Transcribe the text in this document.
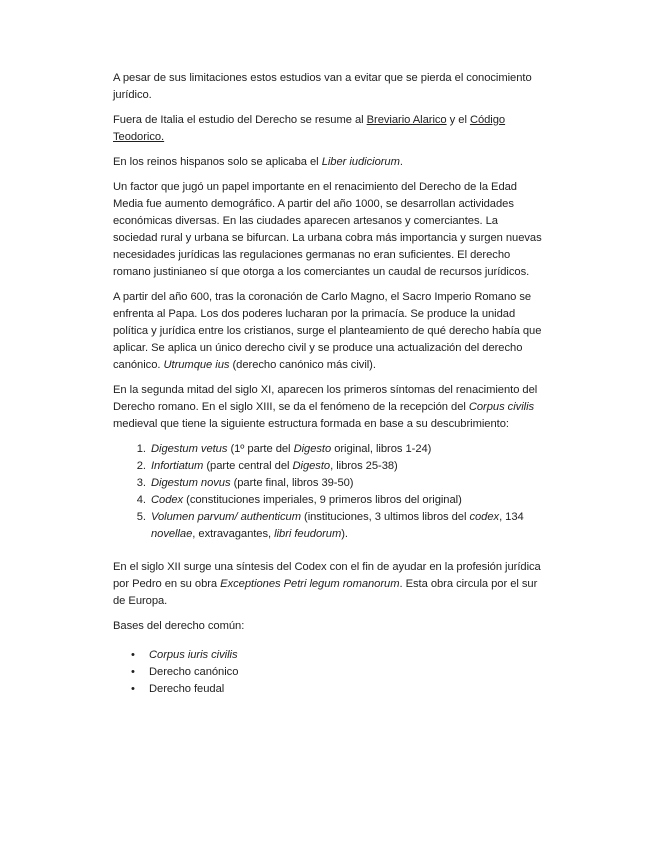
A pesar de sus limitaciones estos estudios van a evitar que se pierda el conocimiento jurídico.

Fuera de Italia el estudio del Derecho se resume al Breviario Alarico y el Código Teodorico.

En los reinos hispanos solo se aplicaba el Liber iudiciorum.

Un factor que jugó un papel importante en el renacimiento del Derecho de la Edad Media fue aumento demográfico. A partir del año 1000, se desarrollan actividades económicas diversas. En las ciudades aparecen artesanos y comerciantes. La sociedad rural y urbana se bifurcan. La urbana cobra más importancia y surgen nuevas necesidades jurídicas las regulaciones germanas no eran suficientes. El derecho romano justinianeo sí que otorga a los comerciantes un caudal de recursos jurídicos.

A partir del año 600, tras la coronación de Carlo Magno, el Sacro Imperio Romano se enfrenta al Papa. Los dos poderes lucharan por la primacía. Se produce la unidad política y jurídica entre los cristianos, surge el planteamiento de qué derecho había que aplicar. Se aplica un único derecho civil y se produce una actualización del derecho canónico. Utrumque ius (derecho canónico más civil).

En la segunda mitad del siglo XI, aparecen los primeros síntomas del renacimiento del Derecho romano. En el siglo XIII, se da el fenómeno de la recepción del Corpus civilis medieval que tiene la siguiente estructura formada en base a su descubrimiento:

1. Digestum vetus (1º parte del Digesto original, libros 1-24)
2. Infortiatum (parte central del Digesto, libros 25-38)
3. Digestum novus (parte final, libros 39-50)
4. Codex (constituciones imperiales, 9 primeros libros del original)
5. Volumen parvum/ authenticum (instituciones, 3 ultimos libros del codex, 134 novellae, extravagantes, libri feudorum).

En el siglo XII surge una síntesis del Codex con el fin de ayudar en la profesión jurídica por Pedro en su obra Exceptiones Petri legum romanorum. Esta obra circula por el sur de Europa.

Bases del derecho común:

• Corpus iuris civilis
• Derecho canónico
• Derecho feudal
